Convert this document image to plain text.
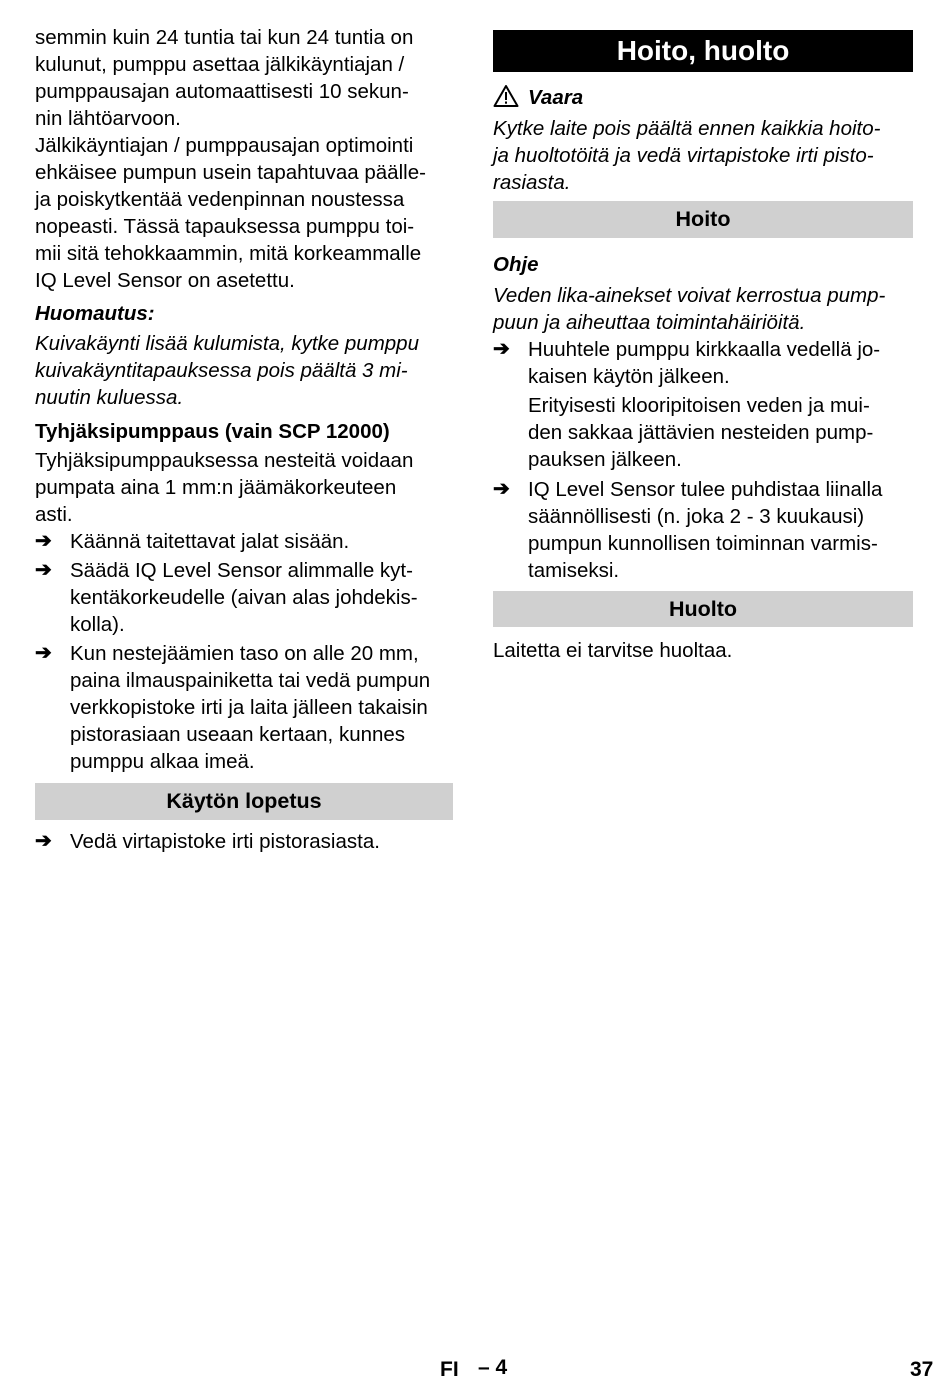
semmin kuin 24 tuntia tai kun 24 tuntia on
kulunut, pumppu asettaa jälkikäyntiajan /
pumppausajan automaattisesti 10 sekun-
nin lähtöarvoon.
Jälkikäyntiajan / pumppausajan optimointi
ehkäisee pumpun usein tapahtuvaa päälle-
ja poiskytkentää vedenpinnan noustessa
nopeasti. Tässä tapauksessa pumppu toi-
mii sitä tehokkaammin, mitä korkeammalle
IQ Level Sensor on asetettu.
Huomautus:
Kuivakäynti lisää kulumista, kytke pumppu
kuivakäyntitapauksessa pois päältä 3 mi-
nuutin kuluessa.
Tyhjäksipumppaus (vain SCP 12000)
Tyhjäksipumppauksessa nesteitä voidaan
pumpata aina 1 mm:n jäämäkorkeuteen
asti.
➔ Käännä taitettavat jalat sisään.
➔ Säädä IQ Level Sensor alimmalle kyt-
kentäkorkeudelle (aivan alas johdekis-
kolla).
➔ Kun nestejäämien taso on alle 20 mm,
paina ilmauspainiketta tai vedä pumpun
verkkopistoke irti ja laita jälleen takaisin
pistorasiaan useaan kertaan, kunnes
pumppu alkaa imeä.
Käytön lopetus
➔ Vedä virtapistoke irti pistorasiasta.
Hoito, huolto
Vaara
Kytke laite pois päältä ennen kaikkia hoito-
ja huoltotöitä ja vedä virtapistoke irti pisto-
rasiasta.
Hoito
Ohje
Veden lika-ainekset voivat kerrostua pump-
puun ja aiheuttaa toimintahäiriöitä.
➔ Huuhtele pumppu kirkkaalla vedellä jo-
kaisen käytön jälkeen.
Erityisesti klooripitoisen veden ja mui-
den sakkaa jättävien nesteiden pump-
pauksen jälkeen.
➔ IQ Level Sensor tulee puhdistaa liinalla
säännöllisesti (n. joka 2 - 3 kuukausi)
pumpun kunnollisen toiminnan varmis-
tamiseksi.
Huolto
Laitetta ei tarvitse huoltaa.
FI – 4	37
